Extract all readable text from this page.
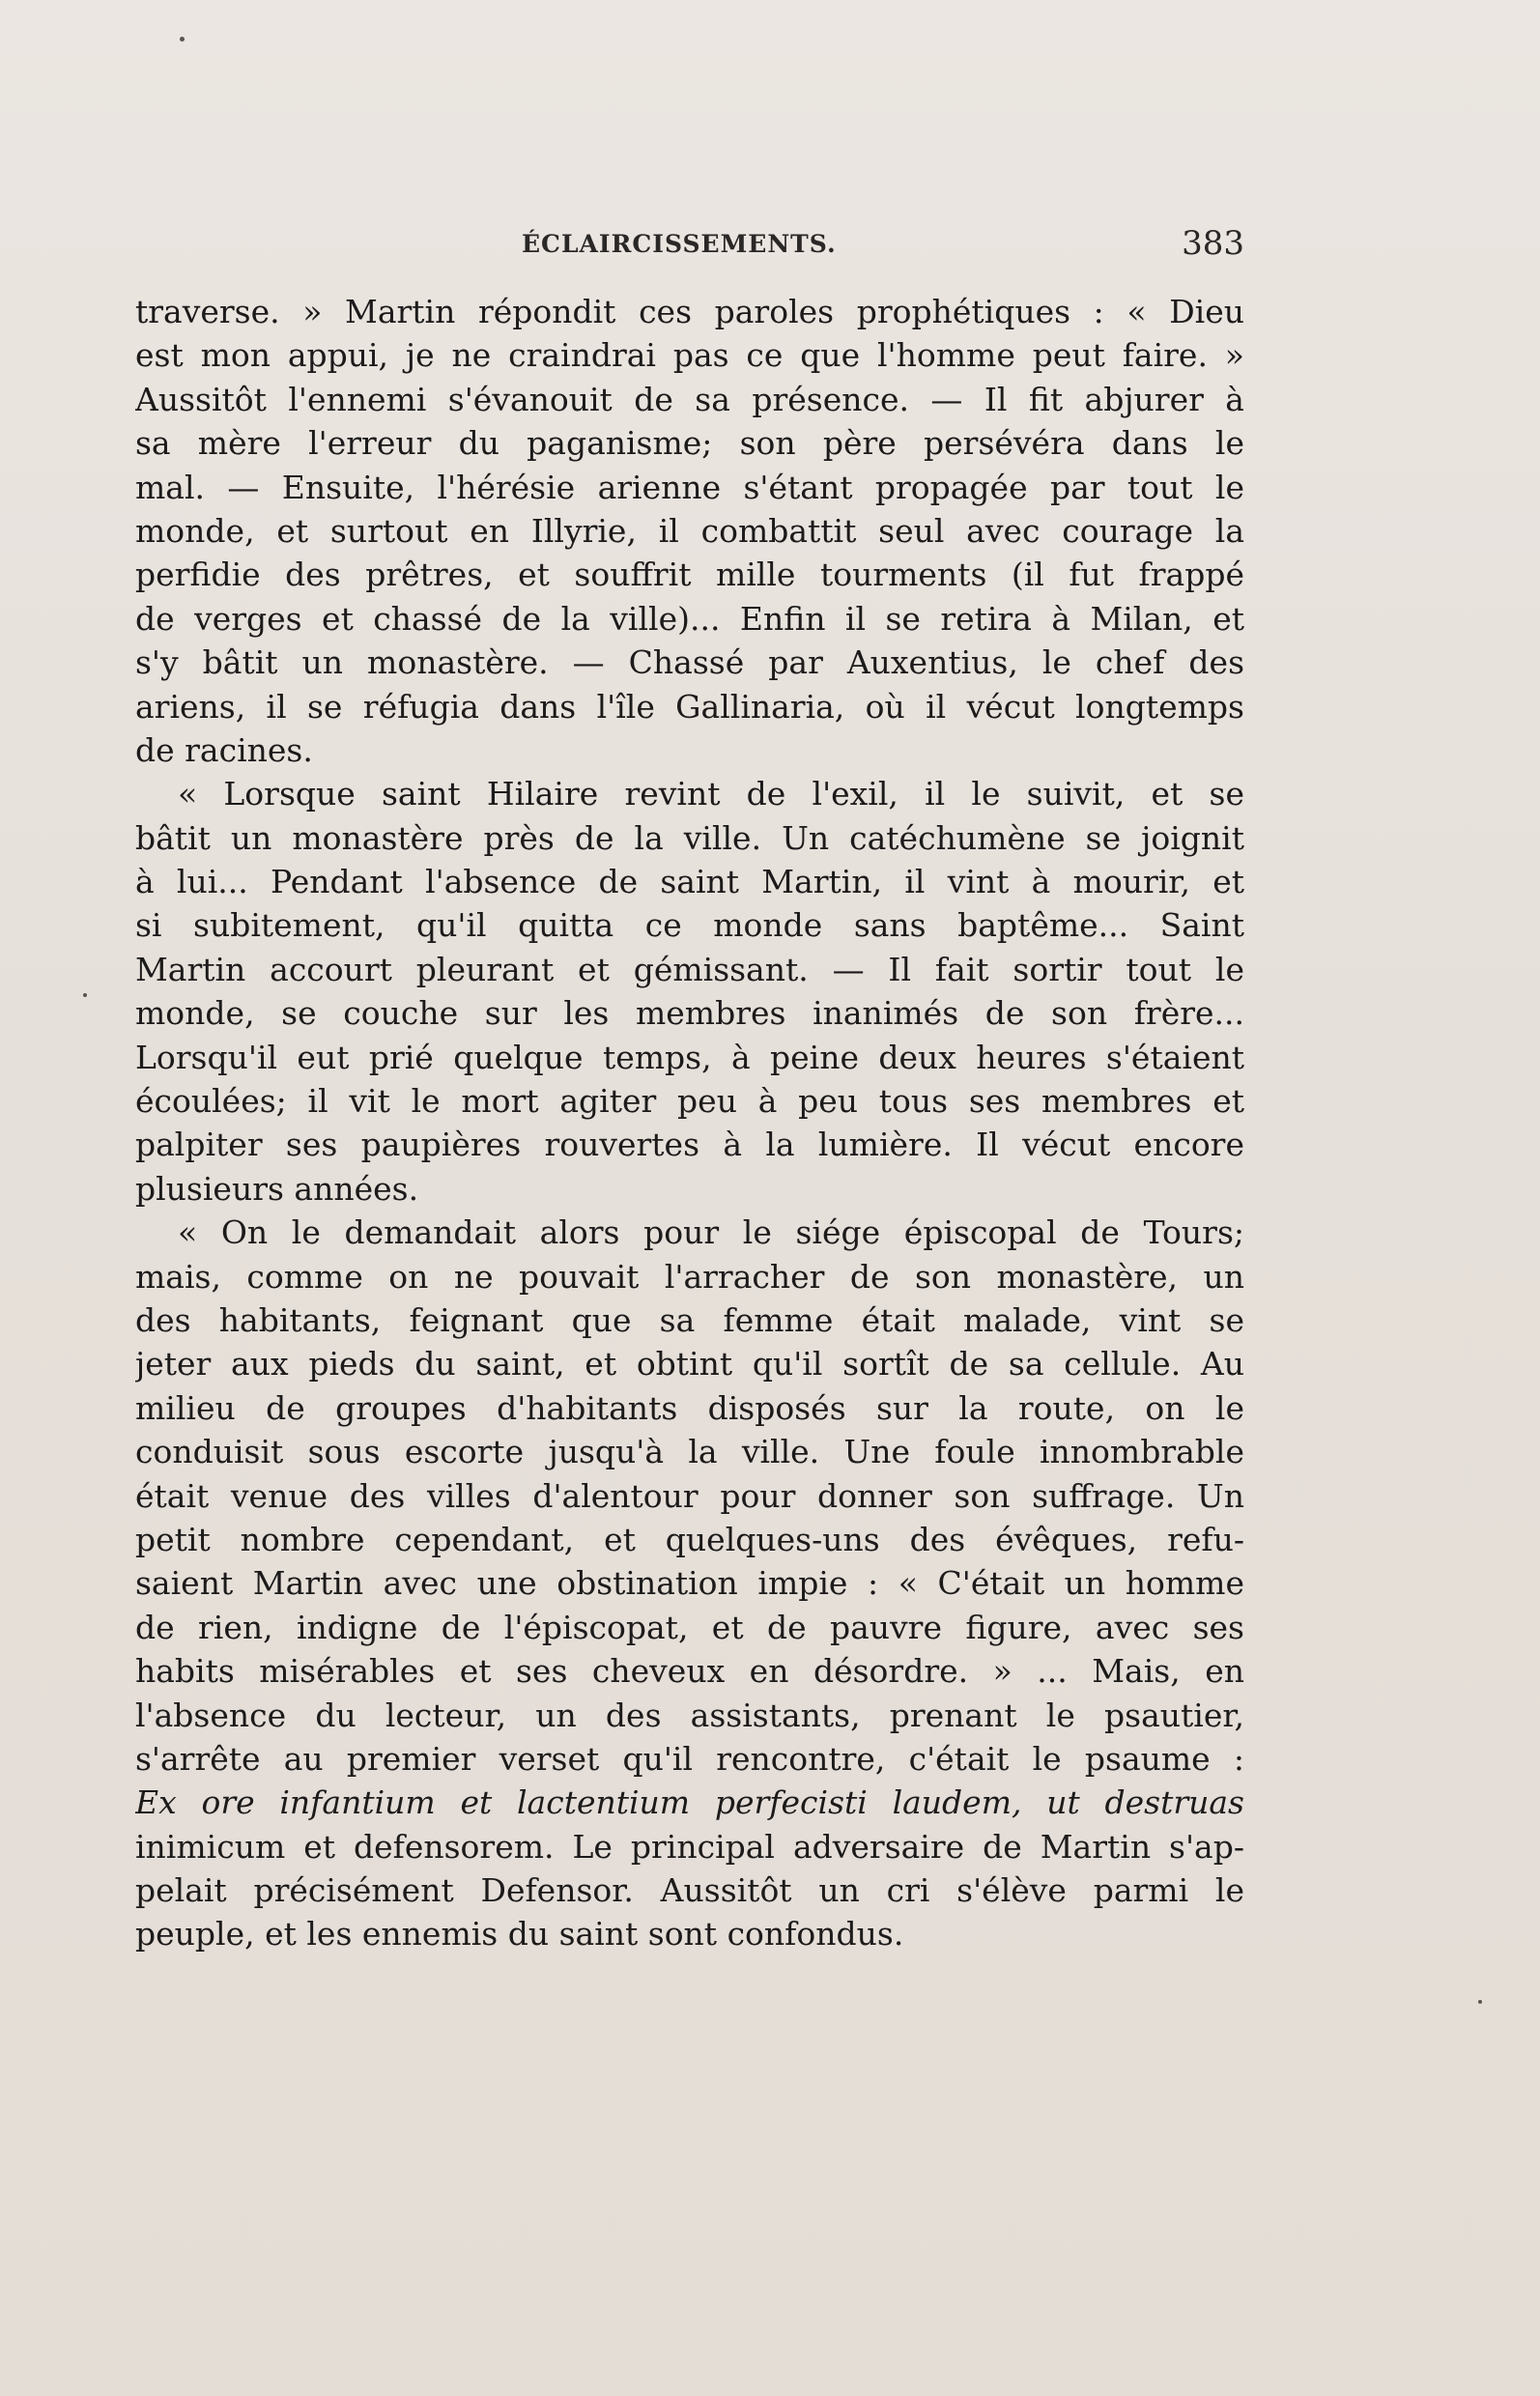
ÉCLAIRCISSEMENTS.	383
traverse. » Martin répondit ces paroles prophétiques : « Dieu
est mon appui, je ne craindrai pas ce que l'homme peut faire. »
Aussitôt l'ennemi s'évanouit de sa présence. — Il fit abjurer à
sa mère l'erreur du paganisme; son père persévéra dans le
mal. — Ensuite, l'hérésie arienne s'étant propagée par tout le
monde, et surtout en Illyrie, il combattit seul avec courage la
perfidie des prêtres, et souffrit mille tourments (il fut frappé
de verges et chassé de la ville)... Enfin il se retira à Milan, et
s'y bâtit un monastère. — Chassé par Auxentius, le chef des
ariens, il se réfugia dans l'île Gallinaria, où il vécut longtemps
de racines.
« Lorsque saint Hilaire revint de l'exil, il le suivit, et se
bâtit un monastère près de la ville. Un catéchumène se joignit
à lui... Pendant l'absence de saint Martin, il vint à mourir, et
si subitement, qu'il quitta ce monde sans baptême... Saint
Martin accourt pleurant et gémissant. — Il fait sortir tout le
monde, se couche sur les membres inanimés de son frère...
Lorsqu'il eut prié quelque temps, à peine deux heures s'étaient
écoulées; il vit le mort agiter peu à peu tous ses membres et
palpiter ses paupières rouvertes à la lumière. Il vécut encore
plusieurs années.
« On le demandait alors pour le siége épiscopal de Tours;
mais, comme on ne pouvait l'arracher de son monastère, un
des habitants, feignant que sa femme était malade, vint se
jeter aux pieds du saint, et obtint qu'il sortît de sa cellule. Au
milieu de groupes d'habitants disposés sur la route, on le
conduisit sous escorte jusqu'à la ville. Une foule innombrable
était venue des villes d'alentour pour donner son suffrage. Un
petit nombre cependant, et quelques-uns des évêques, refu-
saient Martin avec une obstination impie : « C'était un homme
de rien, indigne de l'épiscopat, et de pauvre figure, avec ses
habits misérables et ses cheveux en désordre. » ... Mais, en
l'absence du lecteur, un des assistants, prenant le psautier,
s'arrête au premier verset qu'il rencontre, c'était le psaume :
Ex ore infantium et lactentium perfecisti laudem, ut destruas
inimicum et defensorem. Le principal adversaire de Martin s'ap-
pelait précisément Defensor. Aussitôt un cri s'élève parmi le
peuple, et les ennemis du saint sont confondus.
